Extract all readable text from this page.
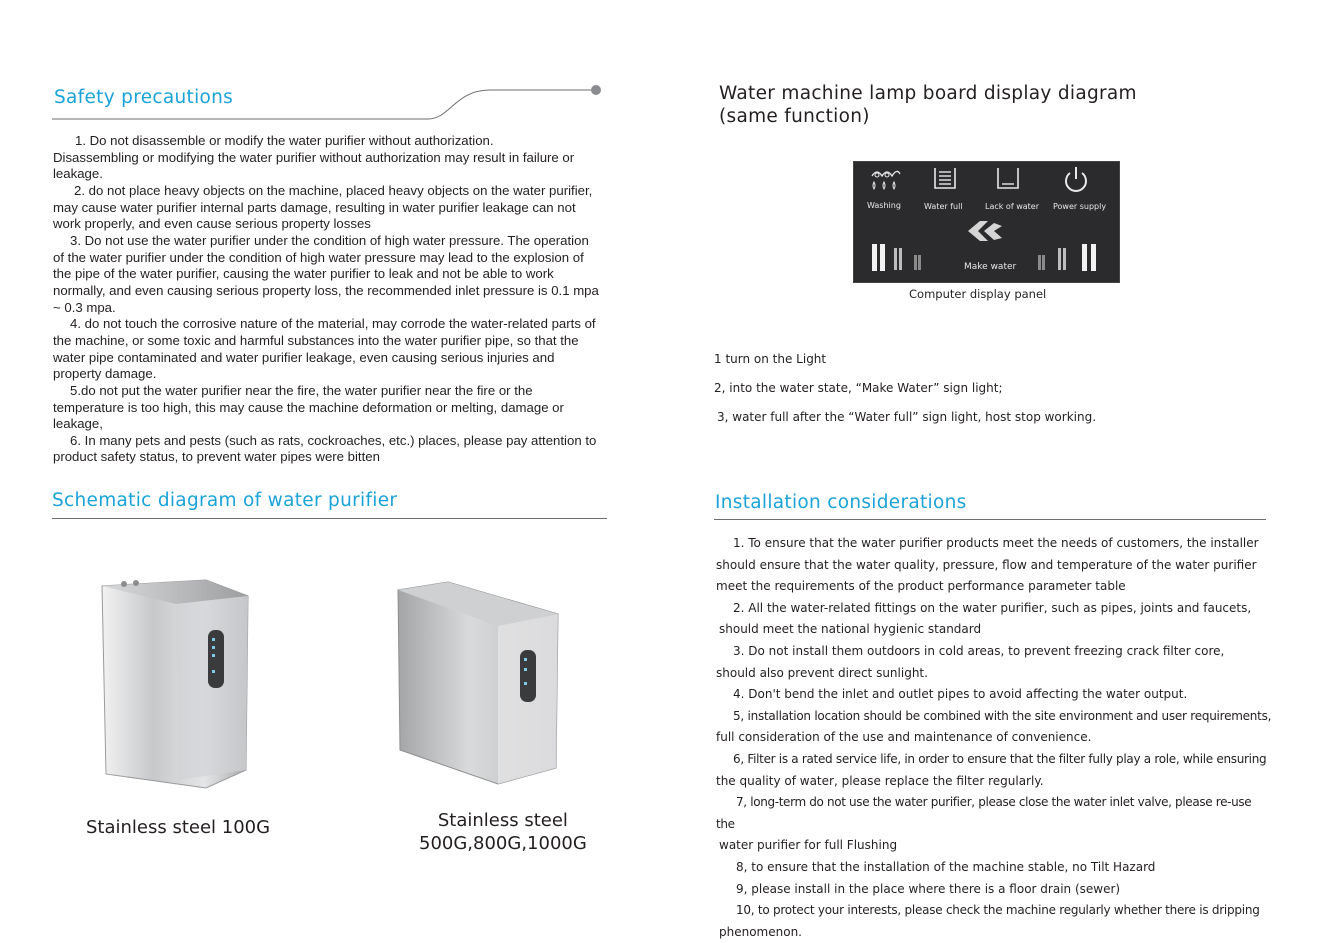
Safety precautions

1. Do not disassemble or modify the water purifier without authorization.

Disassembling or modifying the water purifier without authorization may result in failure or leakage.

2. do not place heavy objects on the machine, placed heavy objects on the water purifier, may cause water purifier internal parts damage, resulting in water purifier leakage can not work properly, and even cause serious property losses

3. Do not use the water purifier under the condition of high water pressure. The operation of the water purifier under the condition of high water pressure may lead to the explosion of the pipe of the water purifier, causing the water purifier to leak and not be able to work normally, and even causing serious property loss, the recommended inlet pressure is 0.1 mpa ~ 0.3 mpa.

4. do not touch the corrosive nature of the material, may corrode the water-related parts of the machine, or some toxic and harmful substances into the water purifier pipe, so that the water pipe contaminated and water purifier leakage, even causing serious injuries and property damage.

5.do not put the water purifier near the fire, the water purifier near the fire or the temperature is too high, this may cause the machine deformation or melting, damage or leakage,

6. In many pets and pests (such as rats, cockroaches, etc.) places, please pay attention to product safety status, to prevent water pipes were bitten

Schematic diagram of water purifier
Stainless steel 100G	Stainless steel
500G,800G,1000G
Water machine lamp board display diagram
(same function)
Washing	Water full	Lack of water Power supply
Make water
Computer display panel
1 turn on the Light
2, into the water state, “Make Water” sign light;
3, water full after the “Water full” sign light, host stop working.
Installation considerations

1. To ensure that the water purifier products meet the needs of customers, the installer

should ensure that the water quality, pressure, flow and temperature of the water purifier

meet the requirements of the product performance parameter table

2. All the water-related fittings on the water purifier, such as pipes, joints and faucets,

should meet the national hygienic standard

3. Do not install them outdoors in cold areas, to prevent freezing crack filter core,

should also prevent direct sunlight.

4. Don't bend the inlet and outlet pipes to avoid affecting the water output.

5, installation location should be combined with the site environment and user requirements,

full consideration of the use and maintenance of convenience.

6, Filter is a rated service life, in order to ensure that the filter fully play a role, while ensuring

the quality of water, please replace the filter regularly.

7, long-term do not use the water purifier, please close the water inlet valve, please re-use the

water purifier for full Flushing

8, to ensure that the installation of the machine stable, no Tilt Hazard

9, please install in the place where there is a floor drain (sewer)

10, to protect your interests, please check the machine regularly whether there is dripping

phenomenon.
